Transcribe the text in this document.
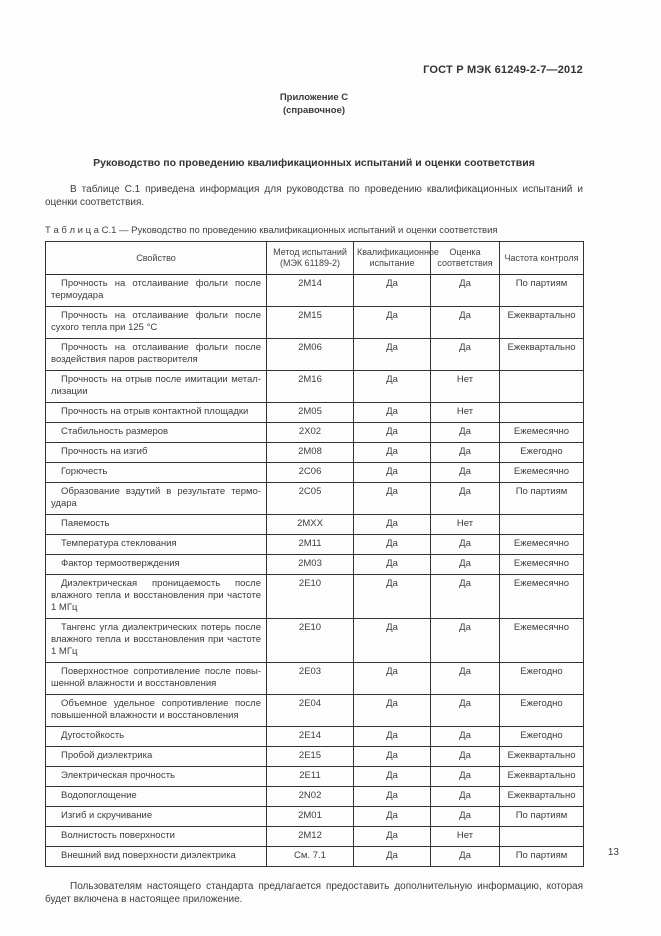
ГОСТ Р МЭК 61249-2-7—2012
Приложение С
(справочное)
Руководство по проведению квалификационных испытаний и оценки соответствия

В таблице С.1 приведена информация для руководства по проведению квалификационных испытаний и оценки соответствия.

Т а б л и ц а С.1 — Руководство по проведению квалификационных испытаний и оценки соответствия

Свойство	Метод испытаний (МЭК 61189-2)	Квалификационное испытание	Оценка соответствия	Частота контроля
Прочность на отслаивание фольги после термоудара	2M14	Да	Да	По партиям
Прочность на отслаивание фольги после сухого тепла при 125 °С	2M15	Да	Да	Ежеквартально
Прочность на отслаивание фольги после воздействия паров растворителя	2M06	Да	Да	Ежеквартально
Прочность на отрыв после имитации металлизации	2M16	Да	Нет	
Прочность на отрыв контактной площадки	2M05	Да	Нет	
Стабильность размеров	2X02	Да	Да	Ежемесячно
Прочность на изгиб	2M08	Да	Да	Ежегодно
Горючесть	2C06	Да	Да	Ежемесячно
Образование вздутий в результате термоудара	2C05	Да	Да	По партиям
Паяемость	2MXX	Да	Нет	
Температура стеклования	2M11	Да	Да	Ежемесячно
Фактор термоотверждения	2M03	Да	Да	Ежемесячно
Диэлектрическая проницаемость после влажного тепла и восстановления при частоте 1 МГц	2E10	Да	Да	Ежемесячно
Тангенс угла диэлектрических потерь после влажного тепла и восстановления при частоте 1 МГц	2E10	Да	Да	Ежемесячно
Поверхностное сопротивление после повышенной влажности и восстановления	2E03	Да	Да	Ежегодно
Объемное удельное сопротивление после повышенной влажности и восстановления	2E04	Да	Да	Ежегодно
Дугостойкость	2E14	Да	Да	Ежегодно
Пробой диэлектрика	2E15	Да	Да	Ежеквартально
Электрическая прочность	2E11	Да	Да	Ежеквартально
Водопоглощение	2N02	Да	Да	Ежеквартально
Изгиб и скручивание	2M01	Да	Да	По партиям
Волнистость поверхности	2M12	Да	Нет	
Внешний вид поверхности диэлектрика	См. 7.1	Да	Да	По партиям

Пользователям настоящего стандарта предлагается предоставить дополнительную информацию, которая будет включена в настоящее приложение.

13
